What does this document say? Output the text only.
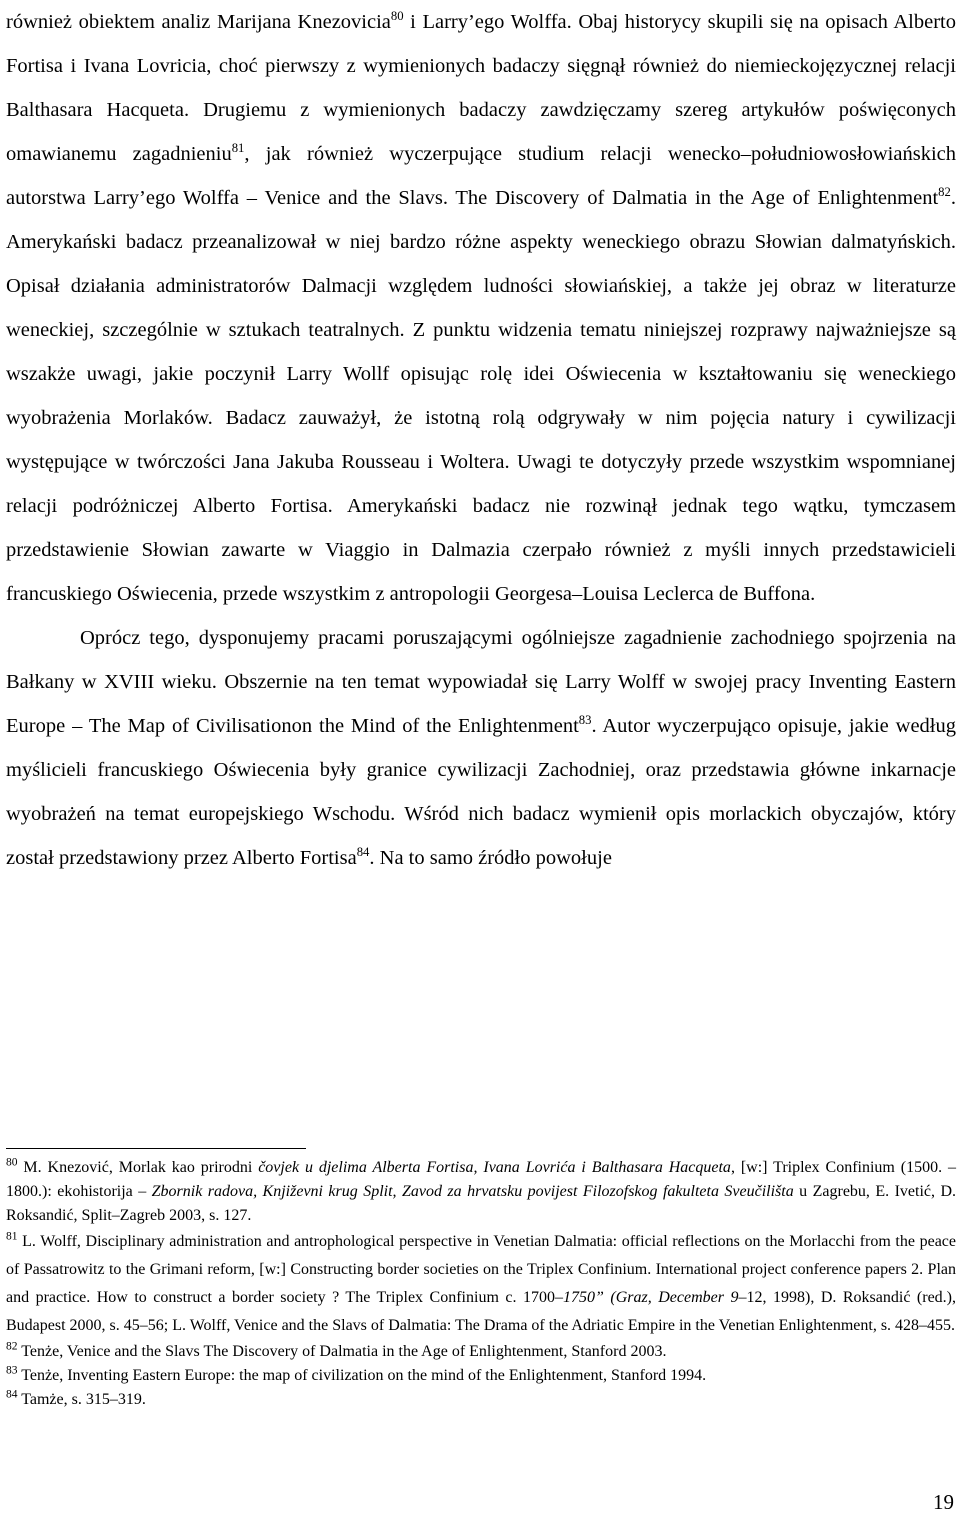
również obiektem analiz Marijana Knezovicia$^{80}$ i Larry’ego Wolffa. Obaj historycy skupili się na opisach Alberto Fortisa i Ivana Lovricia, choć pierwszy z wymienionych badaczy sięgnął również do niemieckojęzycznej relacji Balthasara Hacqueta. Drugiemu z wymienionych badaczy zawdzięczamy szereg artykułów poświęconych omawianemu zagadnieniu$^{81}$, jak również wyczerpujące studium relacji wenecko–południowosłowiańskich autorstwa Larry’ego Wolffa – Venice and the Slavs. The Discovery of Dalmatia in the Age of Enlightenment$^{82}$. Amerykański badacz przeanalizował w niej bardzo różne aspekty weneckiego obrazu Słowian dalmatyńskich. Opisał działania administratorów Dalmacji względem ludności słowiańskiej, a także jej obraz w literaturze weneckiej, szczególnie w sztukach teatralnych. Z punktu widzenia tematu niniejszej rozprawy najważniejsze są wszakże uwagi, jakie poczynił Larry Wollf opisując rolę idei Oświecenia w kształtowaniu się weneckiego wyobrażenia Morlaków. Badacz zauważył, że istotną rolą odgrywały w nim pojęcia natury i cywilizacji występujące w twórczości Jana Jakuba Rousseau i Woltera. Uwagi te dotyczyły przede wszystkim wspomnianej relacji podróżniczej Alberto Fortisa. Amerykański badacz nie rozwinął jednak tego wątku, tymczasem przedstawienie Słowian zawarte w Viaggio in Dalmazia czerpało również z myśli innych przedstawicieli francuskiego Oświecenia, przede wszystkim z antropologii Georgesa–Louisa Leclerca de Buffona.

Oprócz tego, dysponujemy pracami poruszającymi ogólniejsze zagadnienie zachodniego spojrzenia na Bałkany w XVIII wieku. Obszernie na ten temat wypowiadał się Larry Wolff w swojej pracy Inventing Eastern Europe – The Map of Civilisationon the Mind of the Enlightenment$^{83}$. Autor wyczerpująco opisuje, jakie według myślicieli francuskiego Oświecenia były granice cywilizacji Zachodniej, oraz przedstawia główne inkarnacje wyobrażeń na temat europejskiego Wschodu. Wśród nich badacz wymienił opis morlackich obyczajów, który został przedstawiony przez Alberto Fortisa$^{84}$. Na to samo źródło powołuje

$^{80}$ M. Knezović, Morlak kao prirodni čovjek u djelima Alberta Fortisa, Ivana Lovrića i Balthasara Hacqueta, [w:] Triplex Confinium (1500. – 1800.): ekohistorija – Zbornik radova, Književni krug Split, Zavod za hrvatsku povijest Filozofskog fakulteta Sveučilišta u Zagrebu, E. Ivetić, D. Roksandić, Split–Zagreb 2003, s. 127.

$^{81}$ L. Wolff, Disciplinary administration and antrophological perspective in Venetian Dalmatia: official reflections on the Morlacchi from the peace of Passatrowitz to the Grimani reform, [w:] Constructing border societies on the Triplex Confinium. International project conference papers 2. Plan and practice. How to construct a border society ? The Triplex Confinium c. 1700–1750” (Graz, December 9–12, 1998), D. Roksandić (red.), Budapest 2000, s. 45–56; L. Wolff, Venice and the Slavs of Dalmatia: The Drama of the Adriatic Empire in the Venetian Enlightenment, s. 428–455.

$^{82}$ Tenże, Venice and the Slavs The Discovery of Dalmatia in the Age of Enlightenment, Stanford 2003.

$^{83}$ Tenże, Inventing Eastern Europe: the map of civilization on the mind of the Enlightenment, Stanford 1994.

$^{84}$ Tamże, s. 315–319.

19
